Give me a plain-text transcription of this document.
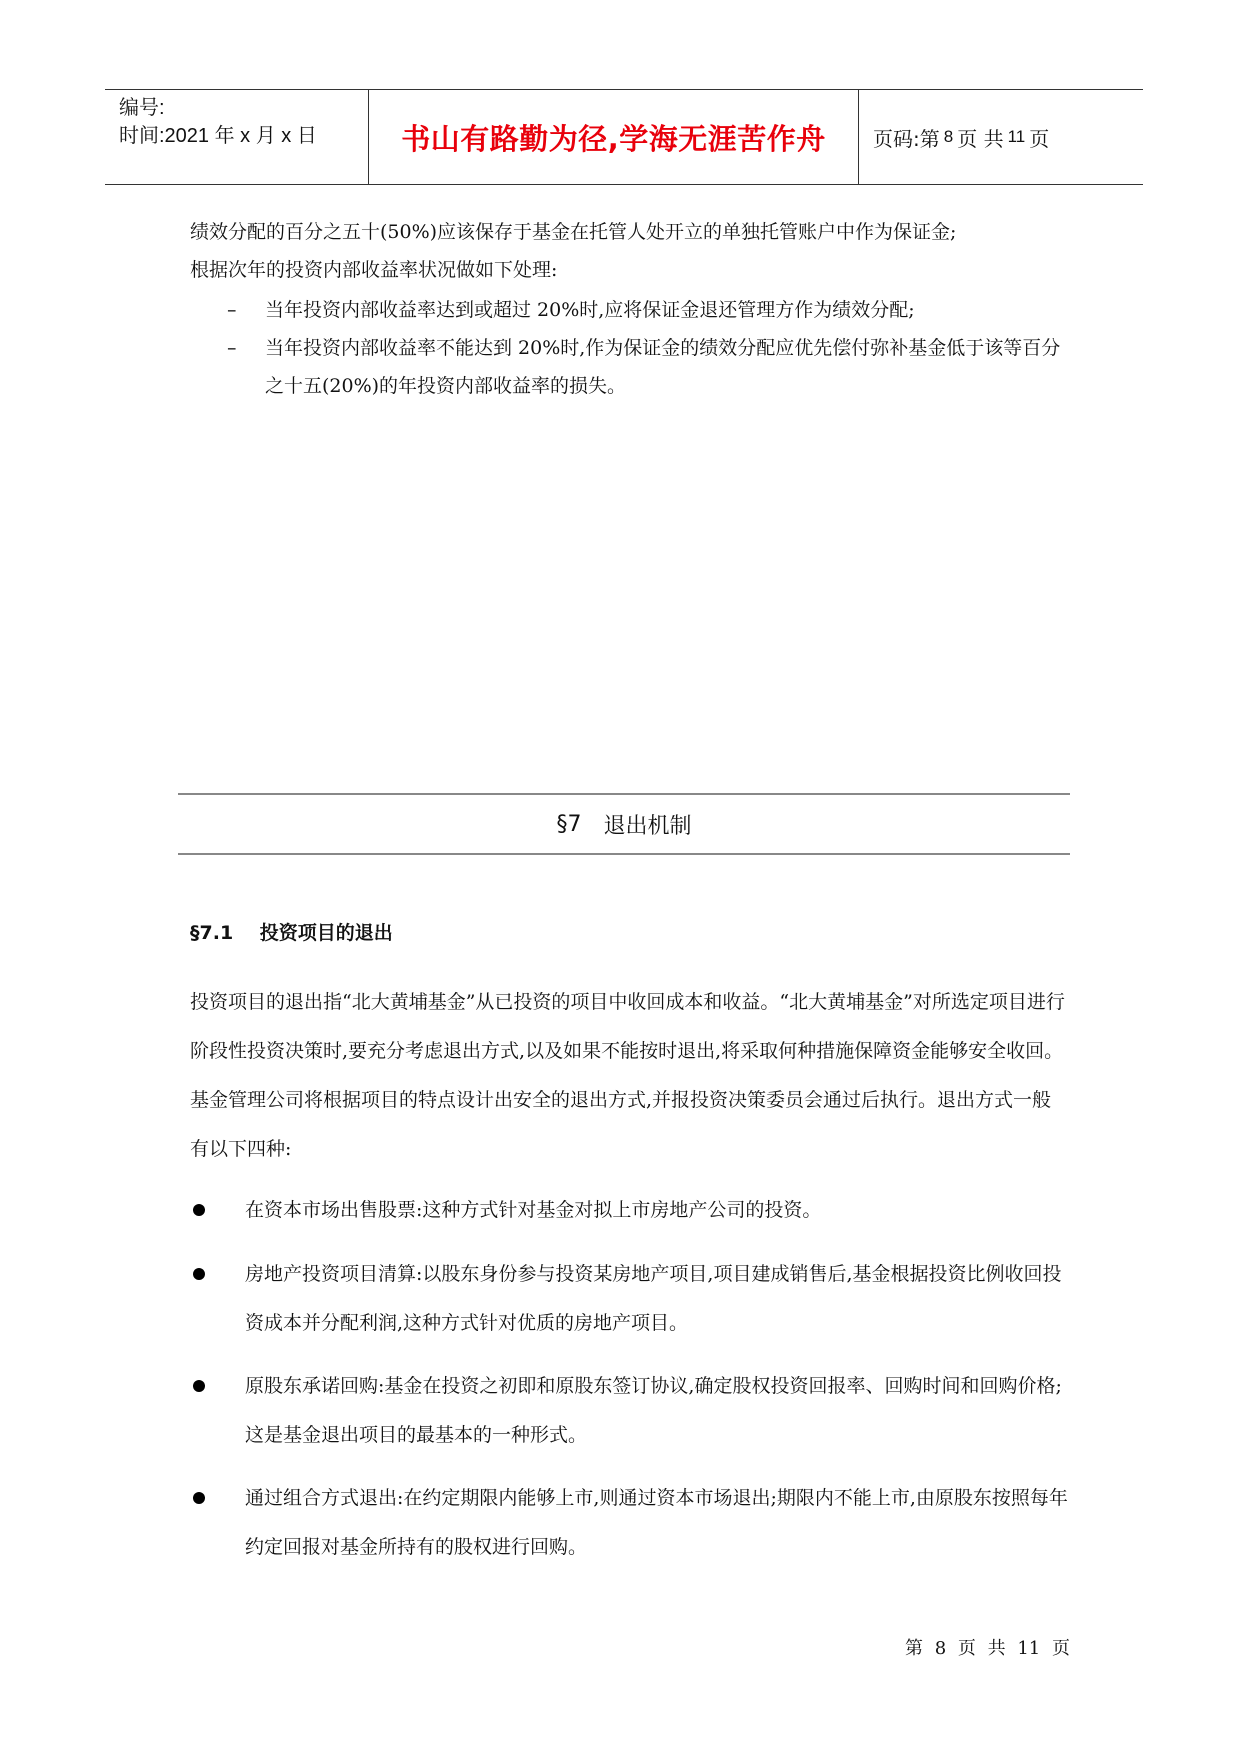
编号:
时间:2021 年 x 月 x 日	书山有路勤为径,学海无涯苦作舟	页码:第 8 页 共 11 页
绩效分配的百分之五十(50%)应该保存于基金在托管人处开立的单独托管账户中作为保证金;
根据次年的投资内部收益率状况做如下处理:
– 当年投资内部收益率达到或超过 20%时,应将保证金退还管理方作为绩效分配;
– 当年投资内部收益率不能达到 20%时,作为保证金的绩效分配应优先偿付弥补基金低于该等百分之十五(20%)的年投资内部收益率的损失。
§7 退出机制
§7.1 投资项目的退出
投资项目的退出指“北大黄埔基金”从已投资的项目中收回成本和收益。“北大黄埔基金”对所选定项目进行阶段性投资决策时,要充分考虑退出方式,以及如果不能按时退出,将采取何种措施保障资金能够安全收回。基金管理公司将根据项目的特点设计出安全的退出方式,并报投资决策委员会通过后执行。退出方式一般有以下四种:
在资本市场出售股票:这种方式针对基金对拟上市房地产公司的投资。
房地产投资项目清算:以股东身份参与投资某房地产项目,项目建成销售后,基金根据投资比例收回投资成本并分配利润,这种方式针对优质的房地产项目。
原股东承诺回购:基金在投资之初即和原股东签订协议,确定股权投资回报率、回购时间和回购价格;这是基金退出项目的最基本的一种形式。
通过组合方式退出:在约定期限内能够上市,则通过资本市场退出;期限内不能上市,由原股东按照每年约定回报对基金所持有的股权进行回购。
第 8 页 共 11 页
